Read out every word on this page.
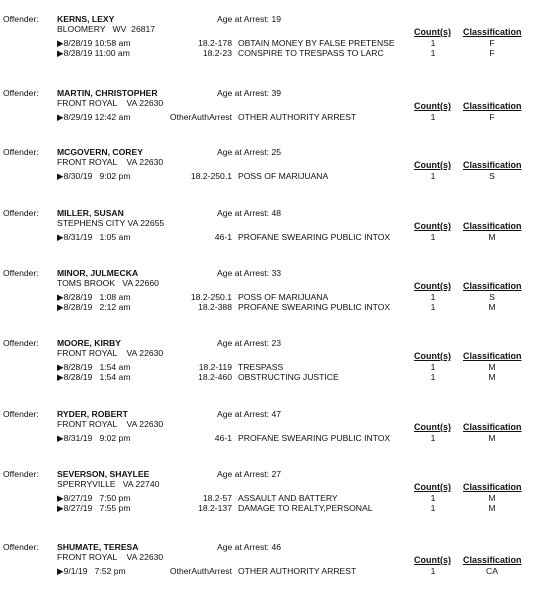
Offender: KERNS, LEXY
BLOOMERY   WV  26817
Age at Arrest: 19
Count(s) Classification
▶8/28/19 10:58 am	18.2-178 OBTAIN MONEY BY FALSE PRETENSE	1	F
▶8/28/19 11:00 am	18.2-23 CONSPIRE TO TRESPASS TO LARC	1	F
Offender: MARTIN, CHRISTOPHER
FRONT ROYAL    VA 22630
Age at Arrest: 39
Count(s) Classification
▶8/29/19 12:42 am	OtherAuthArrest OTHER AUTHORITY ARREST	1	F
Offender: MCGOVERN, COREY
FRONT ROYAL    VA 22630
Age at Arrest: 25
Count(s) Classification
▶8/30/19   9:02 pm	18.2-250.1 POSS OF MARIJUANA	1	S
Offender: MILLER, SUSAN
STEPHENS CITY VA 22655
Age at Arrest: 48
Count(s) Classification
▶8/31/19   1:05 am	46-1 PROFANE SWEARING PUBLIC INTOX	1	M
Offender: MINOR, JULMECKA
TOMS BROOK   VA 22660
Age at Arrest: 33
Count(s) Classification
▶8/28/19   1:08 am	18.2-250.1 POSS OF MARIJUANA	1	S
▶8/28/19   2:12 am	18.2-388 PROFANE SWEARING PUBLIC INTOX	1	M
Offender: MOORE, KIRBY
FRONT ROYAL    VA 22630
Age at Arrest: 23
Count(s) Classification
▶8/28/19   1:54 am	18.2-119 TRESPASS	1	M
▶8/28/19   1:54 am	18.2-460 OBSTRUCTING JUSTICE	1	M
Offender: RYDER, ROBERT
FRONT ROYAL    VA 22630
Age at Arrest: 47
Count(s) Classification
▶8/31/19   9:02 pm	46-1 PROFANE SWEARING PUBLIC INTOX	1	M
Offender: SEVERSON, SHAYLEE
SPERRYVILLE   VA 22740
Age at Arrest: 27
Count(s) Classification
▶8/27/19   7:50 pm	18.2-57 ASSAULT AND BATTERY	1	M
▶8/27/19   7:55 pm	18.2-137 DAMAGE TO REALTY,PERSONAL	1	M
Offender: SHUMATE, TERESA
FRONT ROYAL    VA 22630
Age at Arrest: 46
Count(s) Classification
▶9/1/19   7:52 pm	OtherAuthArrest OTHER AUTHORITY ARREST	1	CA
